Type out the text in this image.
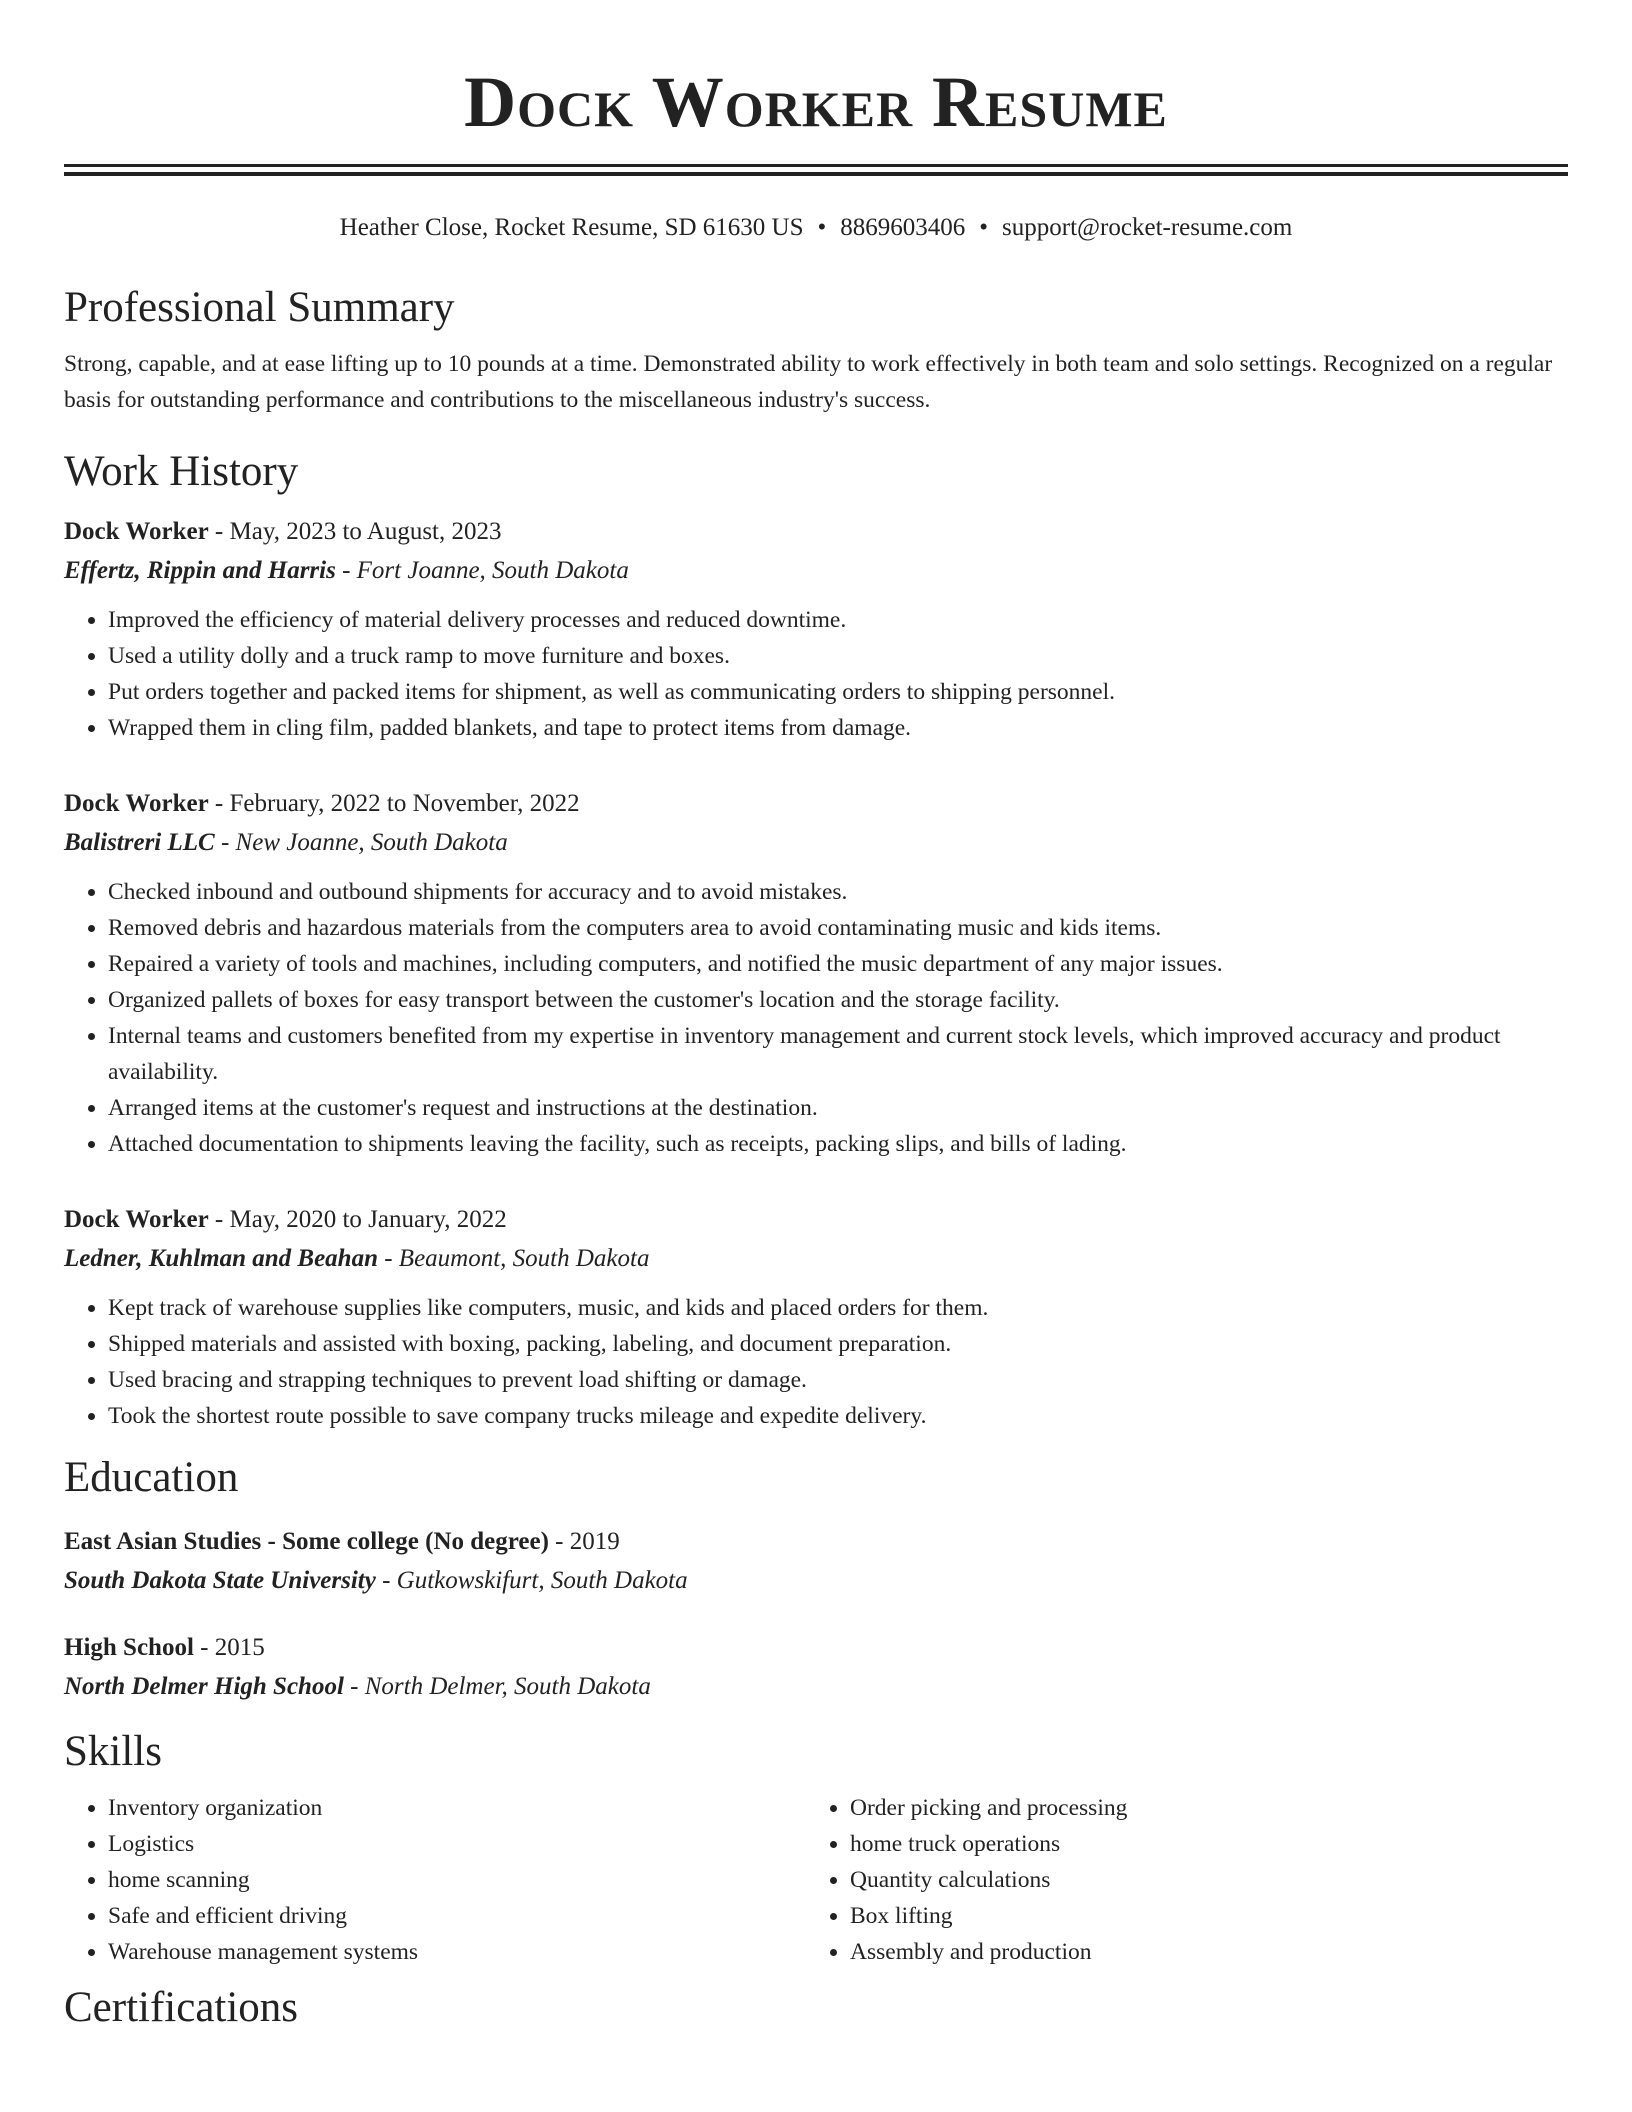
Dock Worker Resume
Heather Close, Rocket Resume, SD 61630 US • 8869603406 • support@rocket-resume.com
Professional Summary
Strong, capable, and at ease lifting up to 10 pounds at a time. Demonstrated ability to work effectively in both team and solo settings. Recognized on a regular basis for outstanding performance and contributions to the miscellaneous industry's success.
Work History
Dock Worker - May, 2023 to August, 2023
Effertz, Rippin and Harris - Fort Joanne, South Dakota
• Improved the efficiency of material delivery processes and reduced downtime.
• Used a utility dolly and a truck ramp to move furniture and boxes.
• Put orders together and packed items for shipment, as well as communicating orders to shipping personnel.
• Wrapped them in cling film, padded blankets, and tape to protect items from damage.
Dock Worker - February, 2022 to November, 2022
Balistreri LLC - New Joanne, South Dakota
• Checked inbound and outbound shipments for accuracy and to avoid mistakes.
• Removed debris and hazardous materials from the computers area to avoid contaminating music and kids items.
• Repaired a variety of tools and machines, including computers, and notified the music department of any major issues.
• Organized pallets of boxes for easy transport between the customer's location and the storage facility.
• Internal teams and customers benefited from my expertise in inventory management and current stock levels, which improved accuracy and product availability.
• Arranged items at the customer's request and instructions at the destination.
• Attached documentation to shipments leaving the facility, such as receipts, packing slips, and bills of lading.
Dock Worker - May, 2020 to January, 2022
Ledner, Kuhlman and Beahan - Beaumont, South Dakota
• Kept track of warehouse supplies like computers, music, and kids and placed orders for them.
• Shipped materials and assisted with boxing, packing, labeling, and document preparation.
• Used bracing and strapping techniques to prevent load shifting or damage.
• Took the shortest route possible to save company trucks mileage and expedite delivery.
Education
East Asian Studies - Some college (No degree) - 2019
South Dakota State University - Gutkowskifurt, South Dakota
High School - 2015
North Delmer High School - North Delmer, South Dakota
Skills
• Inventory organization
• Logistics
• home scanning
• Safe and efficient driving
• Warehouse management systems
• Order picking and processing
• home truck operations
• Quantity calculations
• Box lifting
• Assembly and production
Certifications
